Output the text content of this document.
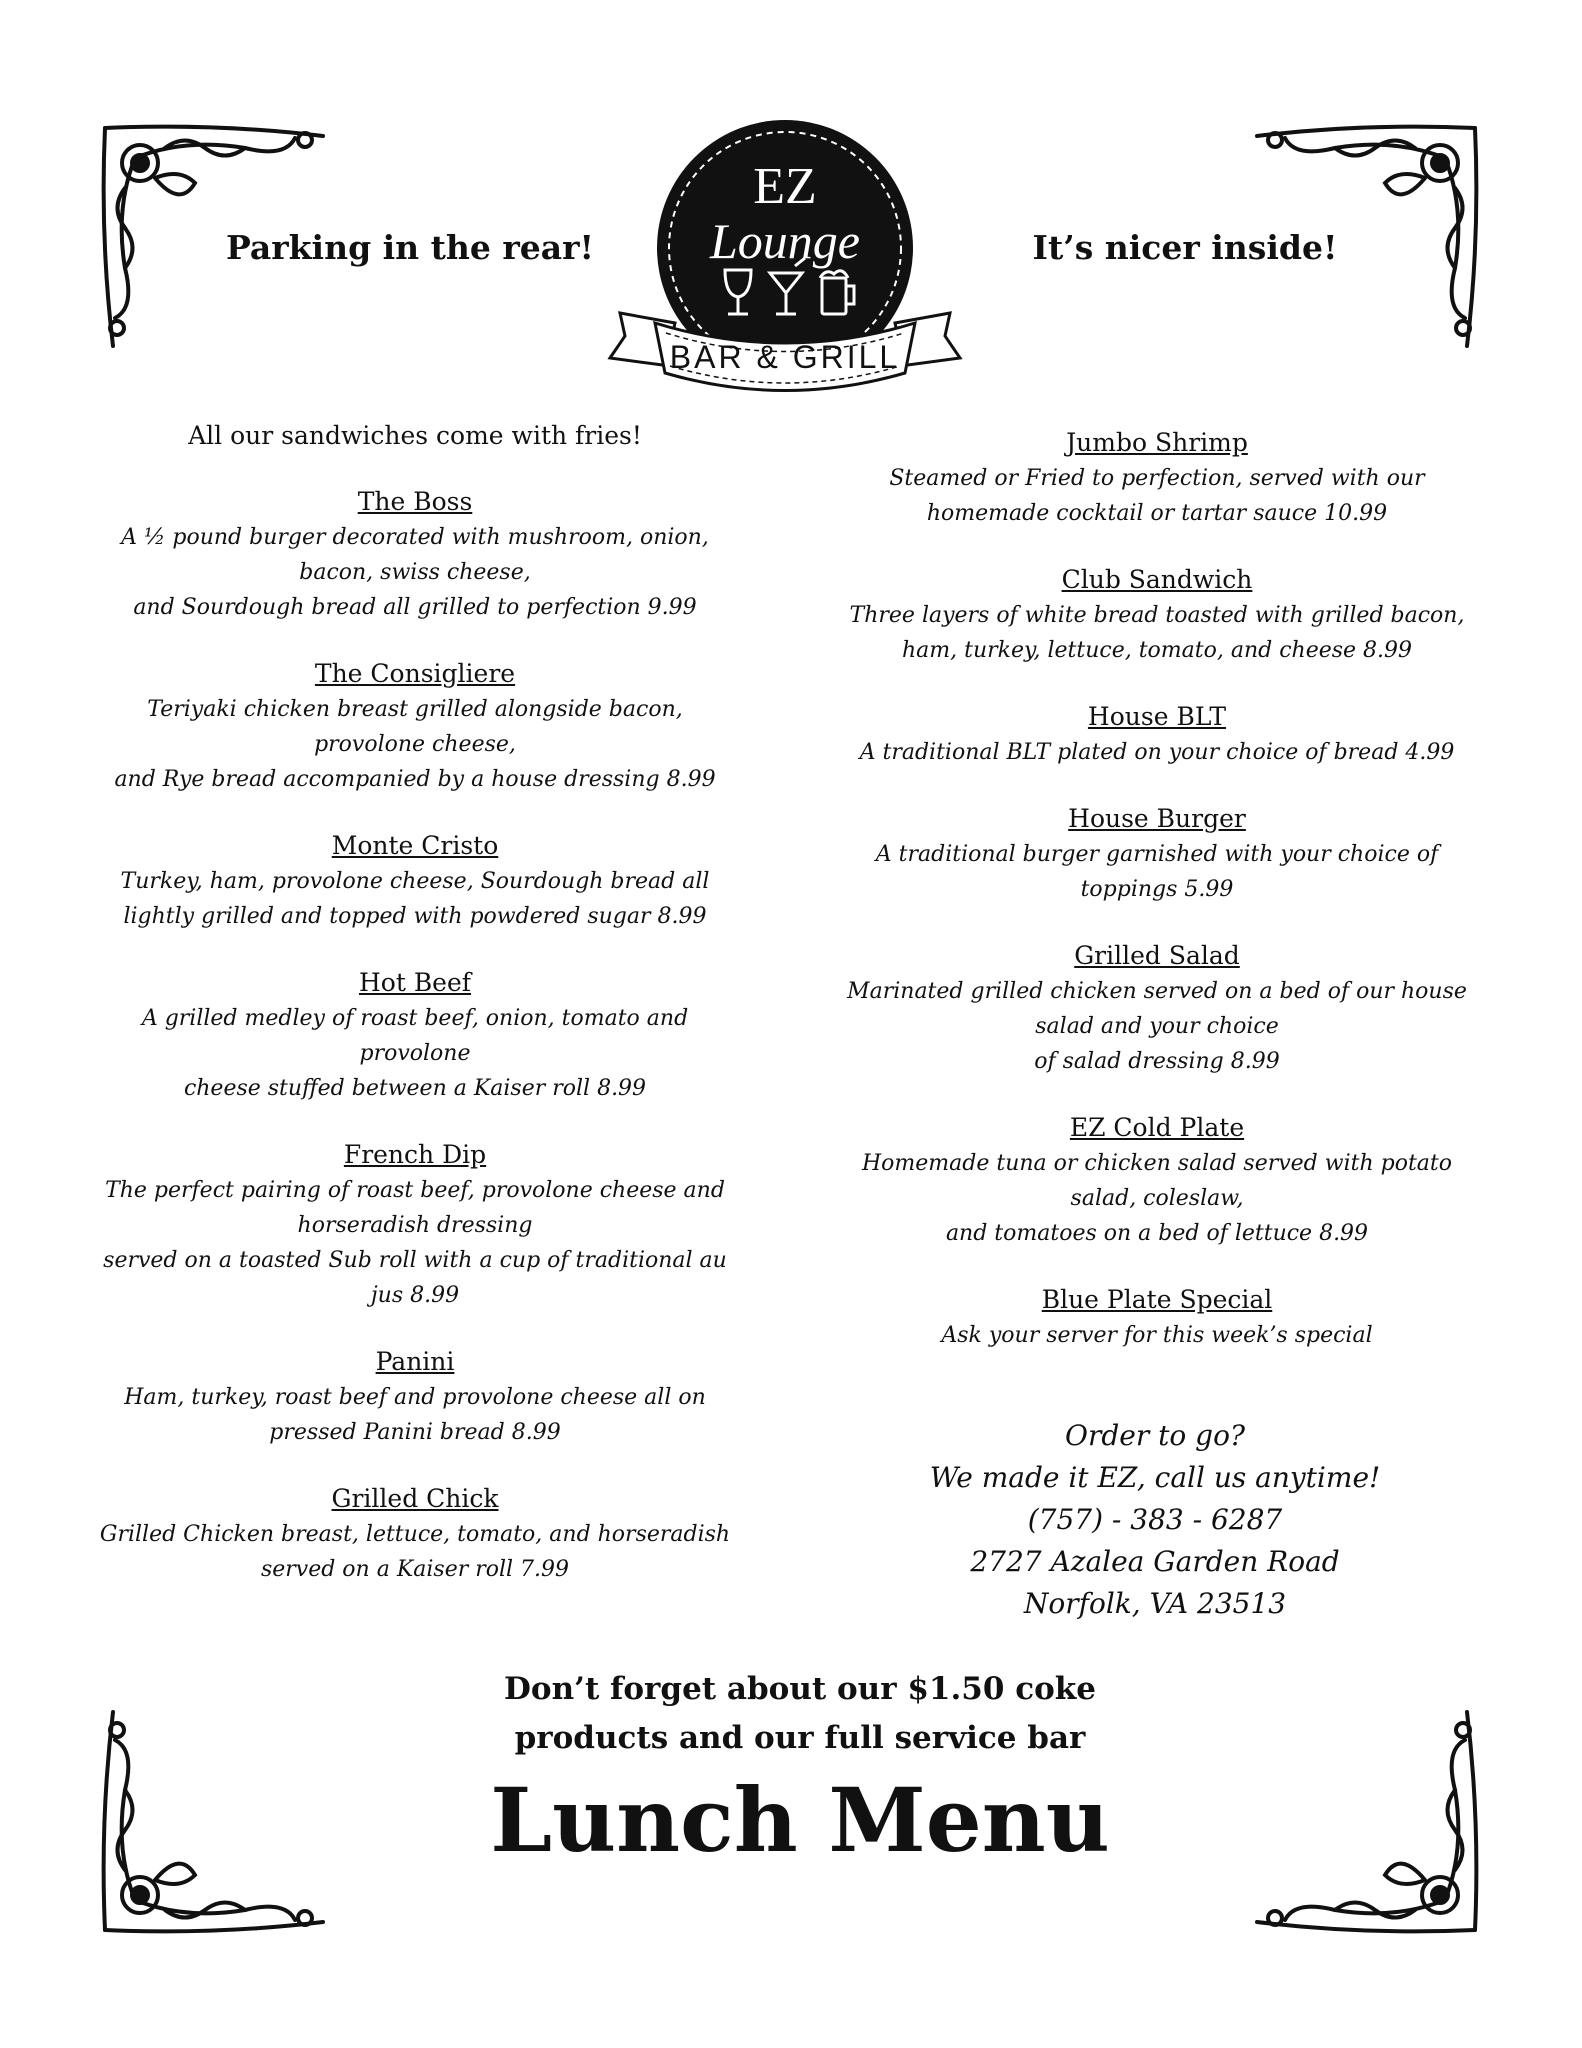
Parking in the rear!	It’s nicer inside!
EZ
Lounge
BAR & GRILL
All our sandwiches come with fries!
The Boss
A ½ pound burger decorated with mushroom, onion,
bacon, swiss cheese,
and Sourdough bread all grilled to perfection 9.99
The Consigliere
Teriyaki chicken breast grilled alongside bacon,
provolone cheese,
and Rye bread accompanied by a house dressing 8.99
Monte Cristo
Turkey, ham, provolone cheese, Sourdough bread all
lightly grilled and topped with powdered sugar 8.99
Hot Beef
A grilled medley of roast beef, onion, tomato and
provolone
cheese stuffed between a Kaiser roll 8.99
French Dip
The perfect pairing of roast beef, provolone cheese and
horseradish dressing
served on a toasted Sub roll with a cup of traditional au
jus 8.99
Panini
Ham, turkey, roast beef and provolone cheese all on
pressed Panini bread 8.99
Grilled Chick
Grilled Chicken breast, lettuce, tomato, and horseradish
served on a Kaiser roll 7.99
Jumbo Shrimp
Steamed or Fried to perfection, served with our
homemade cocktail or tartar sauce 10.99
Club Sandwich
Three layers of white bread toasted with grilled bacon,
ham, turkey, lettuce, tomato, and cheese 8.99
House BLT
A traditional BLT plated on your choice of bread 4.99
House Burger
A traditional burger garnished with your choice of
toppings 5.99
Grilled Salad
Marinated grilled chicken served on a bed of our house
salad and your choice
of salad dressing 8.99
EZ Cold Plate
Homemade tuna or chicken salad served with potato
salad, coleslaw,
and tomatoes on a bed of lettuce 8.99
Blue Plate Special
Ask your server for this week’s special
Order to go?
We made it EZ, call us anytime!
(757) - 383 - 6287
2727 Azalea Garden Road
Norfolk, VA 23513
Don’t forget about our $1.50 coke
products and our full service bar
Lunch Menu
